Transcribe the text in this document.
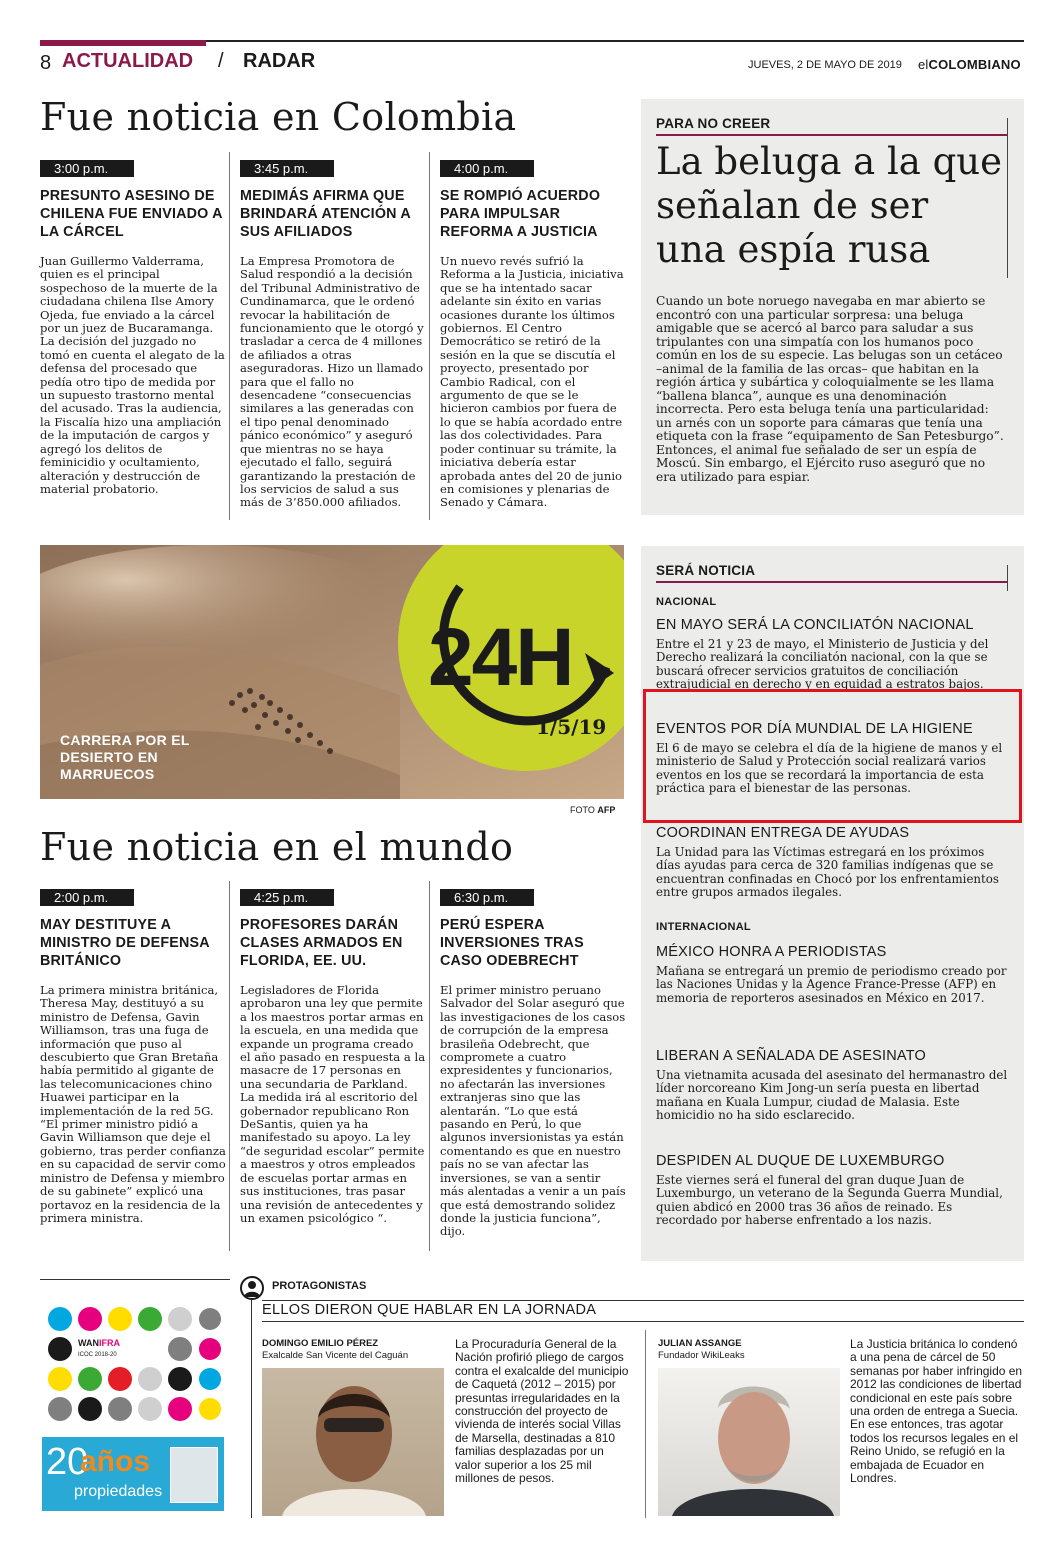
8 ACTUALIDAD / RADAR	JUEVES, 2 DE MAYO DE 2019 elCOLOMBIANO
Fue noticia en Colombia
3:00 p.m.
PRESUNTO ASESINO DE CHILENA FUE ENVIADO A LA CÁRCEL
Juan Guillermo Valderrama, quien es el principal sospechoso de la muerte de la ciudadana chilena Ilse Amory Ojeda, fue enviado a la cárcel por un juez de Bucaramanga. La decisión del juzgado no tomó en cuenta el alegato de la defensa del procesado que pedía otro tipo de medida por un supuesto trastorno mental del acusado. Tras la audiencia, la Fiscalía hizo una ampliación de la imputación de cargos y agregó los delitos de feminicidio y ocultamiento, alteración y destrucción de material probatorio.
3:45 p.m.
MEDIMÁS AFIRMA QUE BRINDARÁ ATENCIÓN A SUS AFILIADOS
La Empresa Promotora de Salud respondió a la decisión del Tribunal Administrativo de Cundinamarca, que le ordenó revocar la habilitación de funcionamiento que le otorgó y trasladar a cerca de 4 millones de afiliados a otras aseguradoras. Hizo un llamado para que el fallo no desencadene “consecuencias similares a las generadas con el tipo penal denominado pánico económico” y aseguró que mientras no se haya ejecutado el fallo, seguirá garantizando la prestación de los servicios de salud a sus más de 3’850.000 afiliados.
4:00 p.m.
SE ROMPIÓ ACUERDO PARA IMPULSAR REFORMA A JUSTICIA
Un nuevo revés sufrió la Reforma a la Justicia, iniciativa que se ha intentado sacar adelante sin éxito en varias ocasiones durante los últimos gobiernos. El Centro Democrático se retiró de la sesión en la que se discutía el proyecto, presentado por Cambio Radical, con el argumento de que se le hicieron cambios por fuera de lo que se había acordado entre las dos colectividades. Para poder continuar su trámite, la iniciativa debería estar aprobada antes del 20 de junio en comisiones y plenarias de Senado y Cámara.
PARA NO CREER
La beluga a la que
señalan de ser
una espía rusa
Cuando un bote noruego navegaba en mar abierto se encontró con una particular sorpresa: una beluga amigable que se acercó al barco para saludar a sus tripulantes con una simpatía con los humanos poco común en los de su especie. Las belugas son un cetáceo –animal de la familia de las orcas– que habitan en la región ártica y subártica y coloquialmente se les llama “ballena blanca”, aunque es una denominación incorrecta. Pero esta beluga tenía una particularidad: un arnés con un soporte para cámaras que tenía una etiqueta con la frase “equipamento de San Petesburgo”. Entonces, el animal fue señalado de ser un espía de Moscú. Sin embargo, el Ejército ruso aseguró que no era utilizado para espiar.
24H
1/5/19
CARRERA POR EL
DESIERTO EN
MARRUECOS
FOTO AFP
Fue noticia en el mundo
2:00 p.m.
MAY DESTITUYE A MINISTRO DE DEFENSA BRITÁNICO
La primera ministra británica, Theresa May, destituyó a su ministro de Defensa, Gavin Williamson, tras una fuga de información que puso al descubierto que Gran Bretaña había permitido al gigante de las telecomunicaciones chino Huawei participar en la implementación de la red 5G. “El primer ministro pidió a Gavin Williamson que deje el gobierno, tras perder confianza en su capacidad de servir como ministro de Defensa y miembro de su gabinete” explicó una portavoz en la residencia de la primera ministra.
4:25 p.m.
PROFESORES DARÁN CLASES ARMADOS EN FLORIDA, EE. UU.
Legisladores de Florida aprobaron una ley que permite a los maestros portar armas en la escuela, en una medida que expande un programa creado el año pasado en respuesta a la masacre de 17 personas en una secundaria de Parkland. La medida irá al escritorio del gobernador republicano Ron DeSantis, quien ya ha manifestado su apoyo. La ley “de seguridad escolar” permite a maestros y otros empleados de escuelas portar armas en sus instituciones, tras pasar una revisión de antecedentes y un examen psicológico “.
6:30 p.m.
PERÚ ESPERA INVERSIONES TRAS CASO ODEBRECHT
El primer ministro peruano Salvador del Solar aseguró que las investigaciones de los casos de corrupción de la empresa brasileña Odebrecht, que compromete a cuatro expresidentes y funcionarios, no afectarán las inversiones extranjeras sino que las alentarán. “Lo que está pasando en Perú, lo que algunos inversionistas ya están comentando es que en nuestro país no se van afectar las inversiones, se van a sentir más alentadas a venir a un país que está demostrando solidez donde la justicia funciona”, dijo.
SERÁ NOTICIA
NACIONAL
EN MAYO SERÁ LA CONCILIATÓN NACIONAL
Entre el 21 y 23 de mayo, el Ministerio de Justicia y del Derecho realizará la conciliatón nacional, con la que se buscará ofrecer servicios gratuitos de conciliación extrajudicial en derecho y en equidad a estratos bajos.
EVENTOS POR DÍA MUNDIAL DE LA HIGIENE
El 6 de mayo se celebra el día de la higiene de manos y el ministerio de Salud y Protección social realizará varios eventos en los que se recordará la importancia de esta práctica para el bienestar de las personas.
COORDINAN ENTREGA DE AYUDAS
La Unidad para las Víctimas estregará en los próximos días ayudas para cerca de 320 familias indígenas que se encuentran confinadas en Chocó por los enfrentamientos entre grupos armados ilegales.
INTERNACIONAL
MÉXICO HONRA A PERIODISTAS
Mañana se entregará un premio de periodismo creado por las Naciones Unidas y la Agence France-Presse (AFP) en memoria de reporteros asesinados en México en 2017.
LIBERAN A SEÑALADA DE ASESINATO
Una vietnamita acusada del asesinato del hermanastro del líder norcoreano Kim Jong-un sería puesta en libertad mañana en Kuala Lumpur, ciudad de Malasia. Este homicidio no ha sido esclarecido.
DESPIDEN AL DUQUE DE LUXEMBURGO
Este viernes será el funeral del gran duque Juan de Luxemburgo, un veterano de la Segunda Guerra Mundial, quien abdicó en 2000 tras 36 años de reinado. Es recordado por haberse enfrentado a los nazis.
WANIFRA
ICOC 2018-20
20
años
propiedades
PROTAGONISTAS
ELLOS DIERON QUE HABLAR EN LA JORNADA
DOMINGO EMILIO PÉREZ
Exalcalde San Vicente del Caguán
La Procuraduría General de la Nación profirió pliego de cargos contra el exalcalde del municipio de Caquetá (2012 – 2015) por presuntas irregularidades en la construcción del proyecto de vivienda de interés social Villas de Marsella, destinadas a 810 familias desplazadas por un valor superior a los 25 mil millones de pesos.
JULIAN ASSANGE
Fundador WikiLeaks
La Justicia británica lo condenó a una pena de cárcel de 50 semanas por haber infringido en 2012 las condiciones de libertad condicional en este país sobre una orden de entrega a Suecia. En ese entonces, tras agotar todos los recursos legales en el Reino Unido, se refugió en la embajada de Ecuador en Londres.
